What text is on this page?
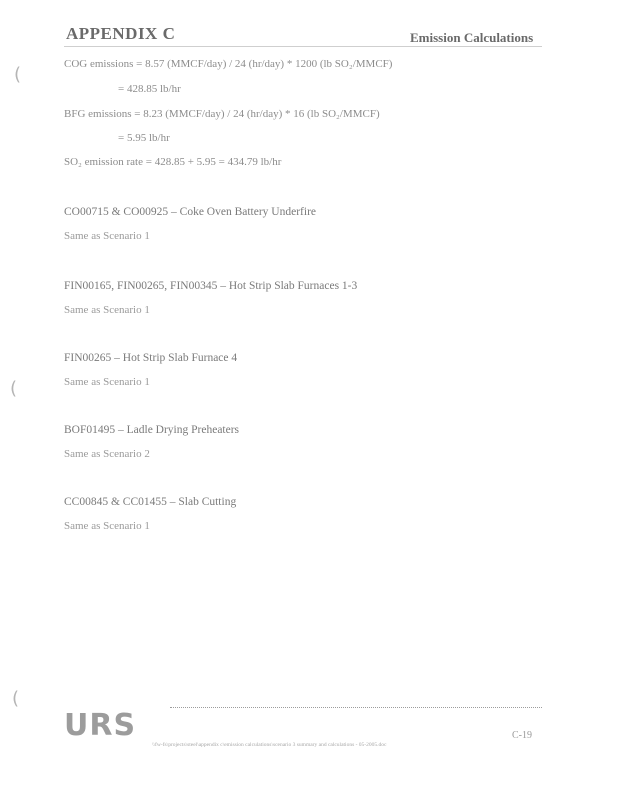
APPENDIX C	Emission Calculations
(
(
(
COG emissions = 8.57 (MMCF/day) / 24 (hr/day) * 1200 (lb SO₂/MMCF)
= 428.85 lb/hr
BFG emissions = 8.23 (MMCF/day) / 24 (hr/day) * 16 (lb SO₂/MMCF)
= 5.95 lb/hr
SO₂ emission rate = 428.85 + 5.95 = 434.79 lb/hr
CO00715 & CO00925 – Coke Oven Battery Underfire
Same as Scenario 1
FIN00165, FIN00265, FIN00345 – Hot Strip Slab Furnaces 1-3
Same as Scenario 1
FIN00265 – Hot Strip Slab Furnace 4
Same as Scenario 1
BOF01495 – Ladle Drying Preheaters
Same as Scenario 2
CC00845 & CC01455 – Slab Cutting
Same as Scenario 1
URS	C-19
\\fw-fs\projects\steel\appendix c\emission calculations\scenario 3 summary and calculations - 05-2005.doc
